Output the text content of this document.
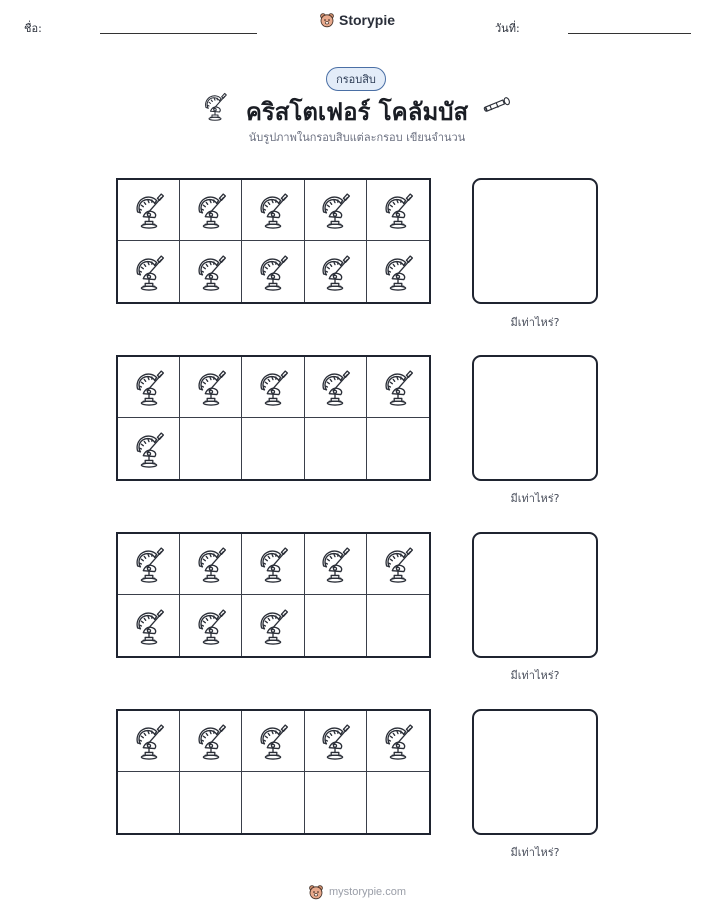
ชื่อ:
Storypie
วันที่:
กรอบสิบ
คริสโตเฟอร์ โคลัมบัส
นับรูปภาพในกรอบสิบแต่ละกรอบ เขียนจำนวน
มีเท่าไหร่?
มีเท่าไหร่?
มีเท่าไหร่?
มีเท่าไหร่?
mystorypie.com
